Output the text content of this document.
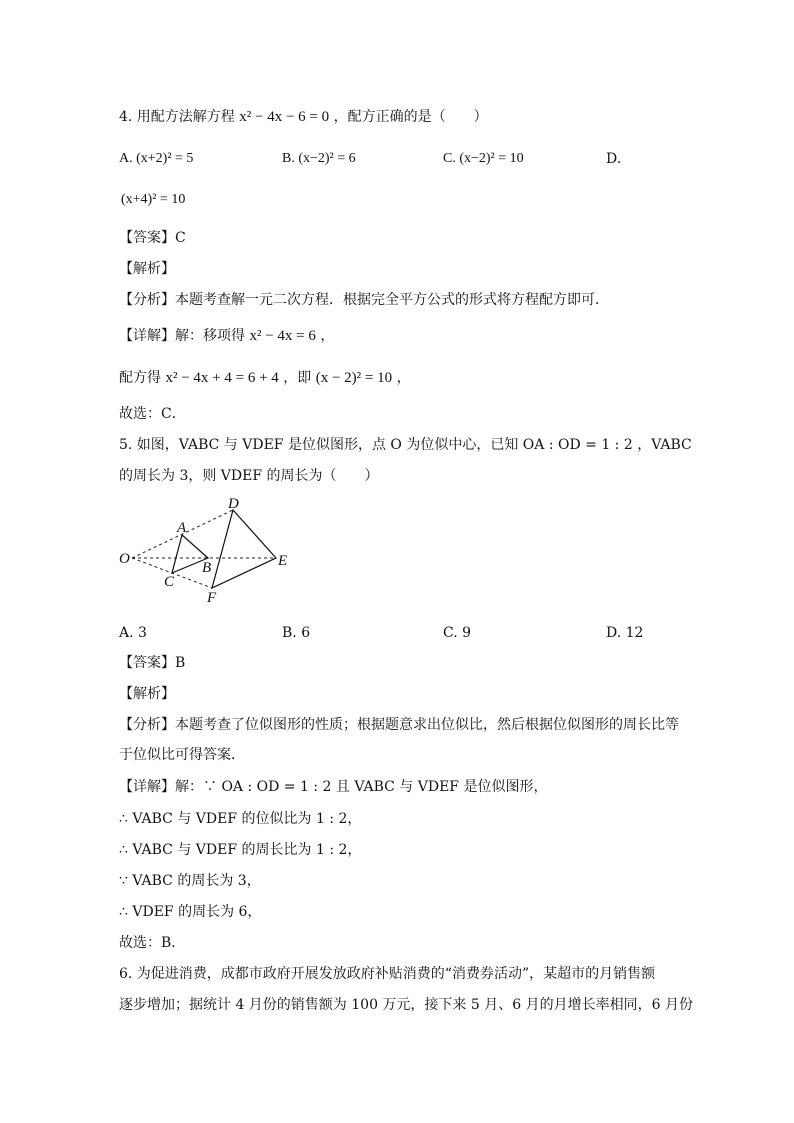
4. 用配方法解方程 x² − 4x − 6 = 0 ，配方正确的是（　　）
A. (x+2)² = 5	B. (x−2)² = 6	C. (x−2)² = 10	D.
(x+4)² = 10
【答案】C
【解析】
【分析】本题考查解一元二次方程．根据完全平方公式的形式将方程配方即可．
【详解】解：移项得 x² − 4x = 6 ，
配方得 x² − 4x + 4 = 6 + 4 ，即 (x − 2)² = 10 ，
故选：C．
5. 如图，VABC 与 VDEF 是位似图形，点 O 为位似中心，已知 OA : OD = 1 : 2 ，VABC
的周长为 3，则 VDEF 的周长为（　　）
O
A
B
C
D
E
F
A. 3	B. 6	C. 9	D. 12
【答案】B
【解析】
【分析】本题考查了位似图形的性质；根据题意求出位似比，然后根据位似图形的周长比等
于位似比可得答案．
【详解】解：∵ OA : OD = 1 : 2 且 VABC 与 VDEF 是位似图形，
∴ VABC 与 VDEF 的位似比为 1 : 2，
∴ VABC 与 VDEF 的周长比为 1 : 2，
∵ VABC 的周长为 3，
∴ VDEF 的周长为 6，
故选：B．
6. 为促进消费，成都市政府开展发放政府补贴消费的“消费券活动”，某超市的月销售额
逐步增加；据统计 4 月份的销售额为 100 万元，接下来 5 月、6 月的月增长率相同，6 月份
